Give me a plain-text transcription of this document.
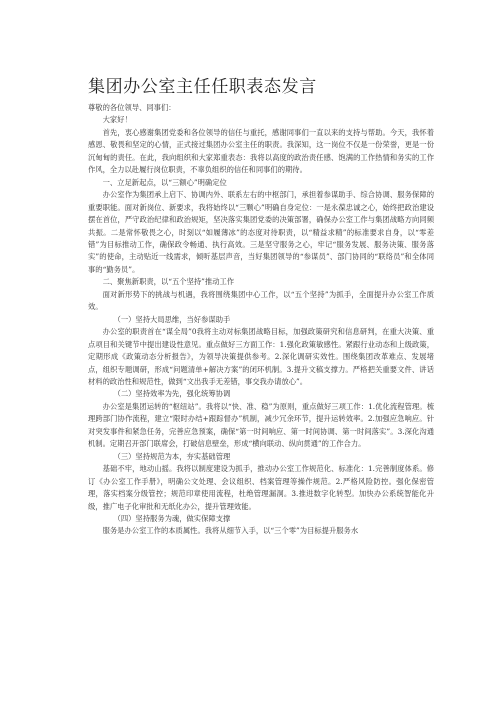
集团办公室主任任职表态发言

尊敬的各位领导、同事们：

大家好！

首先，衷心感谢集团党委和各位领导的信任与重托，感谢同事们一直以来的支持与帮助。今天，我怀着感恩、敬畏和坚定的心情，正式接过集团办公室主任的职责。我深知，这一岗位不仅是一份荣誉，更是一份沉甸甸的责任。在此，我向组织和大家郑重表态：我将以高度的政治责任感、饱满的工作热情和务实的工作作风，全力以赴履行岗位职责，不辜负组织的信任和同事们的期待。

一、立足新起点，以“三额心”明确定位

办公室作为集团承上启下、协调内外、联系左右的中枢部门，承担着参谋助手、综合协调、服务保障的重要职能。面对新岗位、新要求，我将始终以“三颗心”明确自身定位：一是永葆忠诚之心，始终把政治建设摆在首位，严守政治纪律和政治规矩，坚决落实集团党委的决策部署，确保办公室工作与集团战略方向同频共振。二是常怀敬畏之心，时刻以“如履薄冰”的态度对待职责，以“精益求精”的标准要求自身，以“零差错”为目标推动工作，确保政令畅通、执行高效。三是坚守服务之心，牢记“服务发展、服务决策、服务落实”的使命，主动贴近一线需求，倾听基层声音，当好集团领导的“参谋员”、部门协同的“联络员”和全体同事的“勤务员”。

二、聚焦新职责，以“五个坚持”推动工作

面对新形势下的挑战与机遇，我将围绕集团中心工作，以“五个坚持”为抓手，全面提升办公室工作质效。

（一）坚持大局思维，当好参谋助手

办公室的职责首在“谋全局”0我将主动对标集团战略目标，加强政策研究和信息研判，在重大决策、重点项目和关键节中提出建设性意见。重点做好三方面工作：1.强化政策敏感性。紧跟行业动态和上级政策，定期形成《政策动态分析报告》，为领导决策提供参考。2.深化调研实效性。围绕集团改革难点、发展堵点，组织专题调研，形成“问题清单+解决方案”的闭环机制。3.提升文稿支撑力。严格把关重要文件、讲话材料的政治性和规范性，做到“文出我手无差错，事交我办请放心”。

（二）坚持效率为先，强化统筹协调

办公室是集团运转的“枢纽站”。我将以“快、准、稳”为原则，重点做好三项工作：1.优化流程管理。梳理跨部门协作流程，建立“限时办结+跟踪督办”机制，减少冗余环节，提升运转效率。2.加强应急响应。针对突发事件和紧急任务，完善应急预案，确保“第一时间响应、第一时间协调、第一时间落实”。3.深化沟通机制。定期召开部门联席会，打破信息壁垒，形成“横向联动、纵向贯通”的工作合力。

（三）坚持规范为本，夯实基础管理

基础不牢，地动山摇。我将以制度建设为抓手，推动办公室工作规范化、标准化：1.完善制度体系。修订《办公室工作手册》，明确公文处理、会议组织、档案管理等操作规范。2.严格风险防控。强化保密管理，落实档案分级管控；规范印章使用流程，杜绝管理漏洞。3.推进数字化转型。加快办公系统智能化升级，推广电子化审批和无纸化办公，提升管理效能。

（四）坚持服务为魂，做实保障支撑

服务是办公室工作的本质属性。我将从细节入手，以“三个零”为目标提升服务水
